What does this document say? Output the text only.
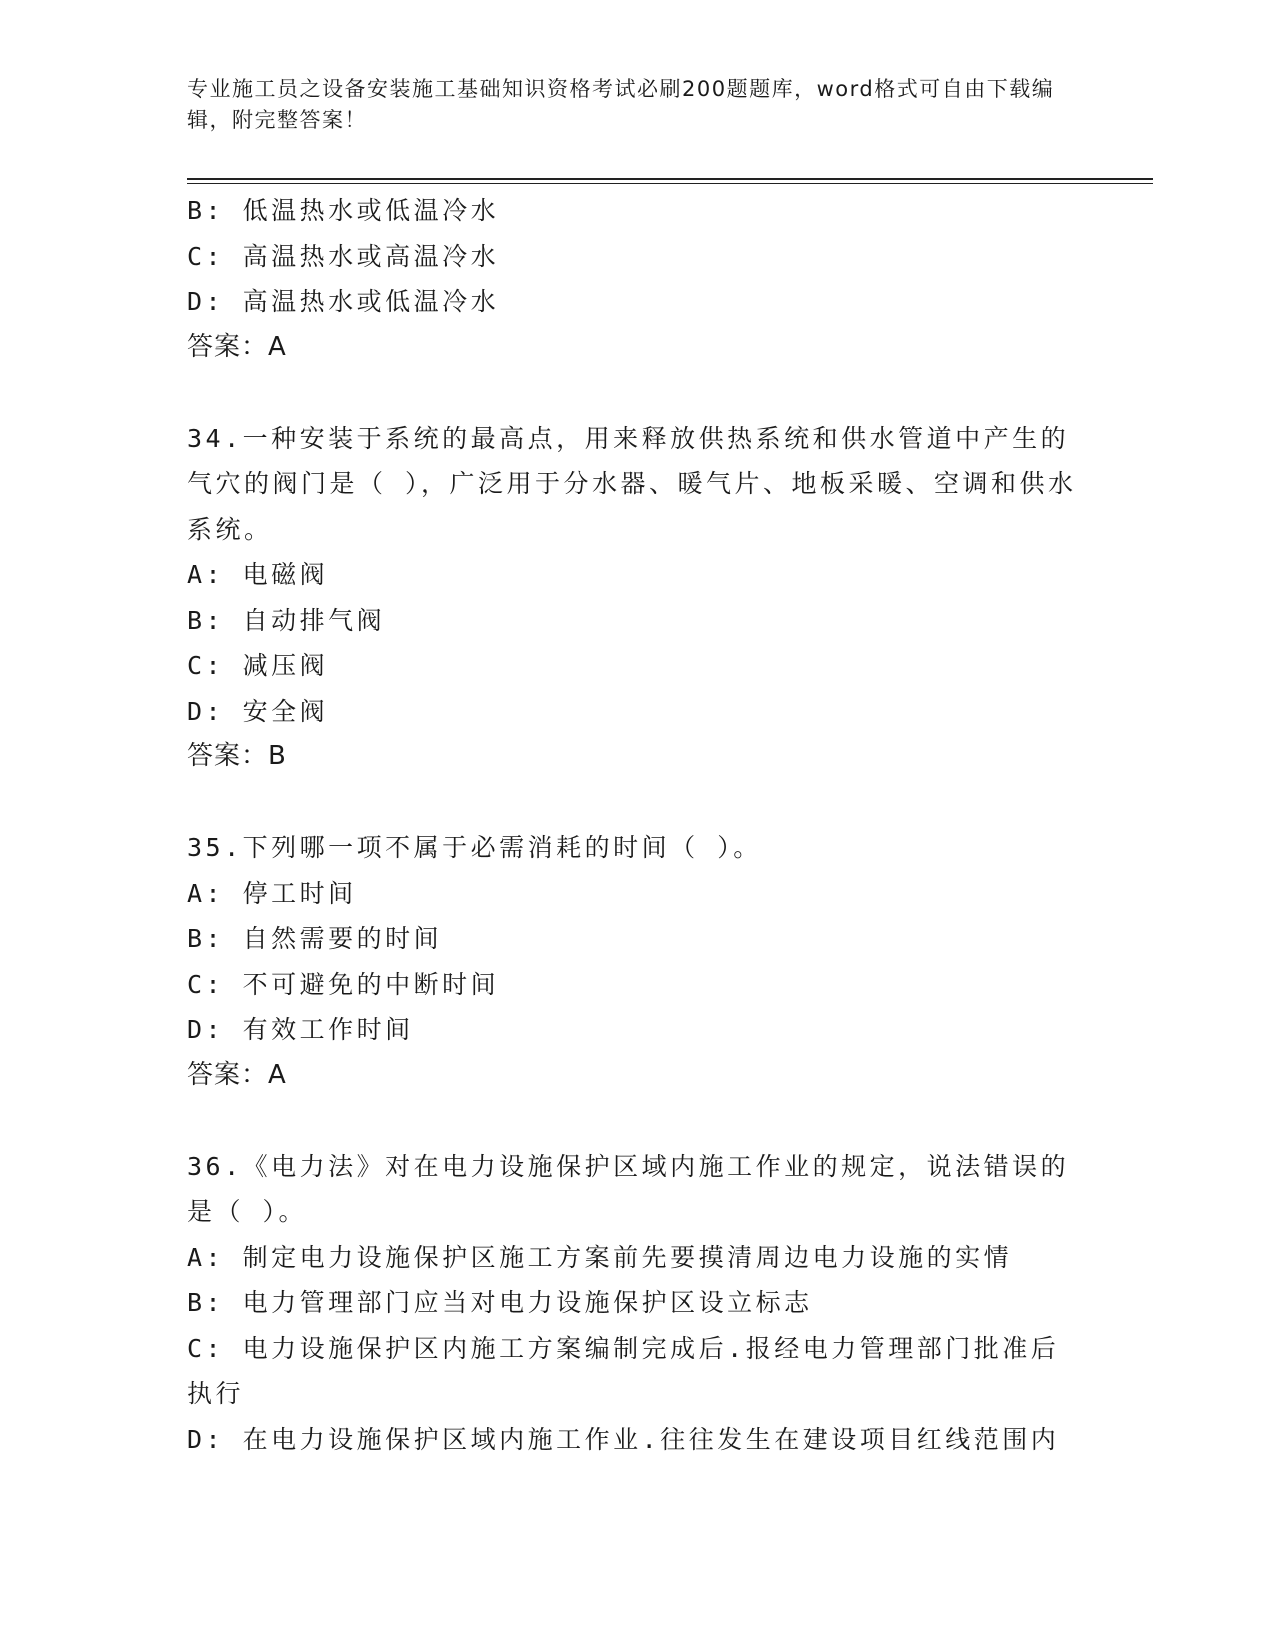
专业施工员之设备安装施工基础知识资格考试必刷200题题库，word格式可自由下载编辑，附完整答案！
B: 低温热水或低温冷水
C: 高温热水或高温冷水
D: 高温热水或低温冷水
答案：A
34.一种安装于系统的最高点，用来释放供热系统和供水管道中产生的气穴的阀门是（ ），广泛用于分水器、暖气片、地板采暖、空调和供水系统。
A: 电磁阀
B: 自动排气阀
C: 减压阀
D: 安全阀
答案：B
35.下列哪一项不属于必需消耗的时间（ ）。
A: 停工时间
B: 自然需要的时间
C: 不可避免的中断时间
D: 有效工作时间
答案：A
36.《电力法》对在电力设施保护区域内施工作业的规定，说法错误的是（ ）。
A: 制定电力设施保护区施工方案前先要摸清周边电力设施的实情
B: 电力管理部门应当对电力设施保护区设立标志
C: 电力设施保护区内施工方案编制完成后.报经电力管理部门批准后执行
D: 在电力设施保护区域内施工作业.往往发生在建设项目红线范围内
